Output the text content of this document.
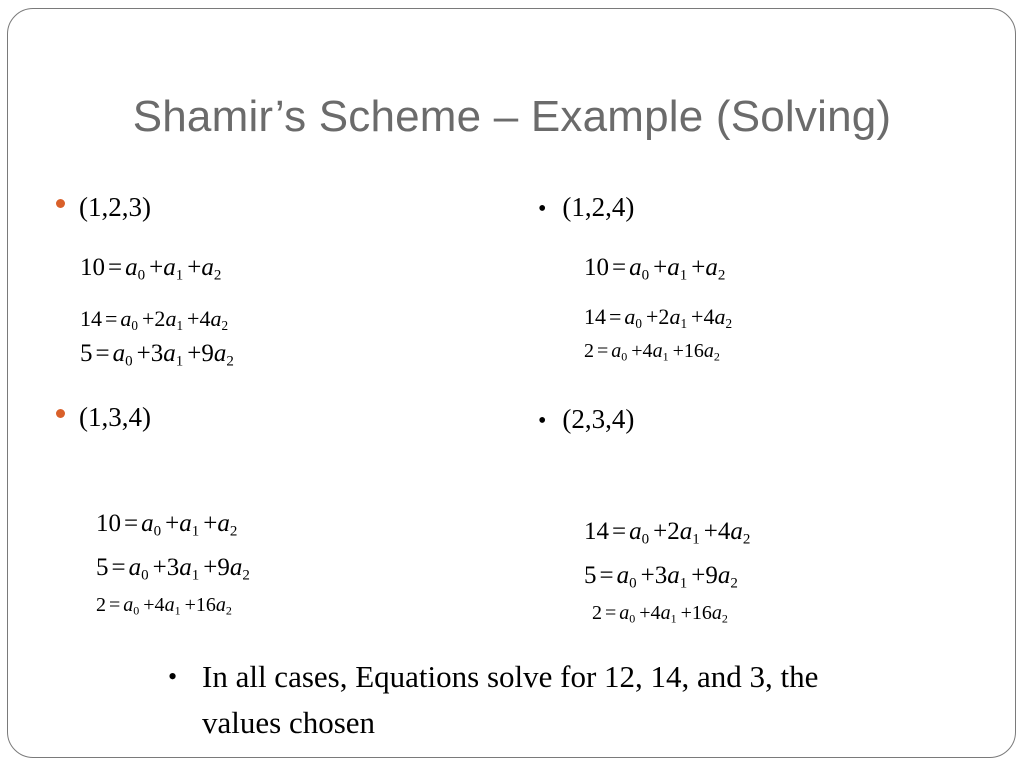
Shamir’s Scheme – Example (Solving)
(1,2,3)
$10 = a_0 +a_1 +a_2$
$14 = a_0 +2a_1 +4a_2$
$5 = a_0 +3a_1 +9a_2$
• (1,2,4)
$10 = a_0 +a_1 +a_2$
$14 = a_0 +2a_1 +4a_2$
$2 = a_0 +4a_1 +16a_2$
(1,3,4)
$10 = a_0 +a_1 +a_2$
$5 = a_0 +3a_1 +9a_2$
$2 = a_0 +4a_1 +16a_2$
• (2,3,4)
$14 = a_0 +2a_1 +4a_2$
$5 = a_0 +3a_1 +9a_2$
$2 = a_0 +4a_1 +16a_2$
• In all cases, Equations solve for 12, 14, and 3, the values chosen
